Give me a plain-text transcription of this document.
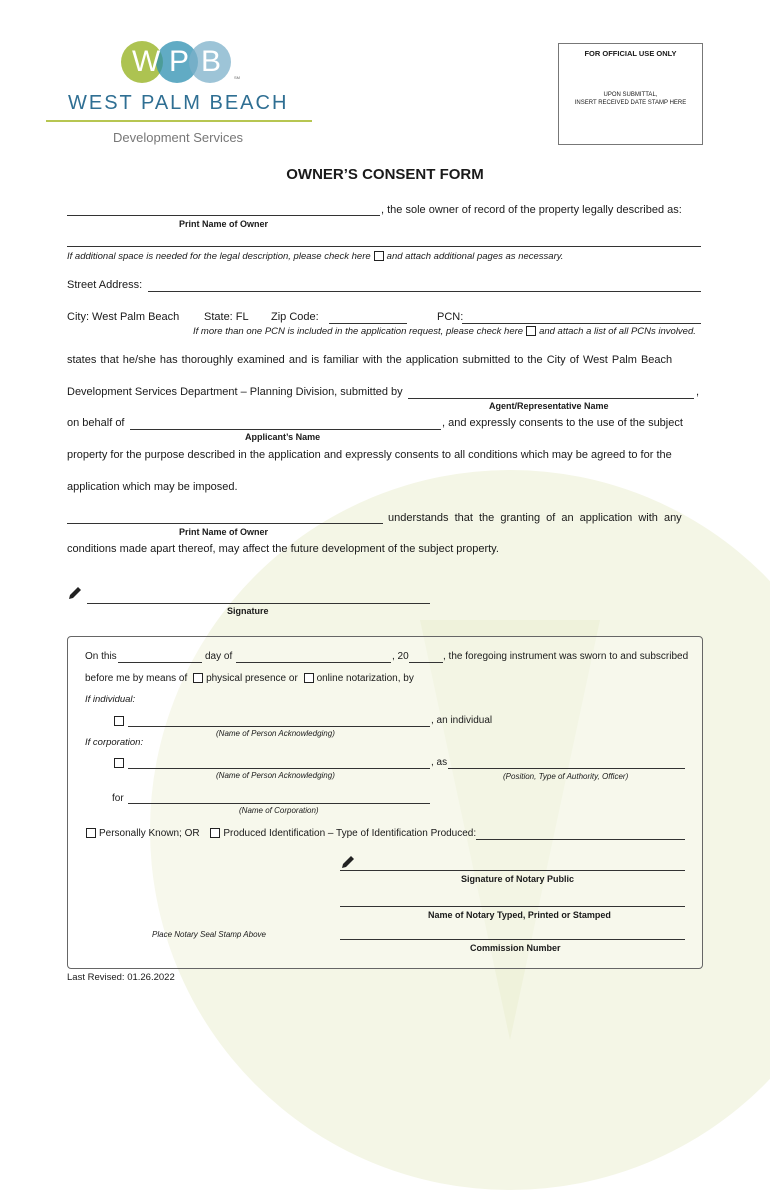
W P B	SM
WEST PALM BEACH
Development Services
FOR OFFICIAL USE ONLY
UPON SUBMITTAL,
INSERT RECEIVED DATE STAMP HERE
OWNER’S CONSENT FORM
, the sole owner of record of the property legally described as:
Print Name of Owner
If additional space is needed for the legal description, please check here and attach additional pages as necessary.
Street Address:
City: West Palm Beach State: FL Zip Code:	PCN:
If more than one PCN is included in the application request, please check here and attach a list of all PCNs involved.
states that he/she has thoroughly examined and is familiar with the application submitted to the City of West Palm Beach
Development Services Department – Planning Division, submitted by	,
Agent/Representative Name
on behalf of	, and expressly consents to the use of the subject
Applicant’s Name
property for the purpose described in the application and expressly consents to all conditions which may be agreed to for the
application which may be imposed.
understands that the granting of an application with any
Print Name of Owner
conditions made apart thereof, may affect the future development of the subject property.
Signature
On this	day of	, 20	, the foregoing instrument was sworn to and subscribed
before me by means of physical presence or online notarization, by
If individual:
, an individual
(Name of Person Acknowledging)
If corporation:
, as
(Name of Person Acknowledging)	(Position, Type of Authority, Officer)
for
(Name of Corporation)
Personally Known; OR Produced Identification – Type of Identification Produced:
Signature of Notary Public
Name of Notary Typed, Printed or Stamped
Place Notary Seal Stamp Above
Commission Number
Last Revised: 01.26.2022
